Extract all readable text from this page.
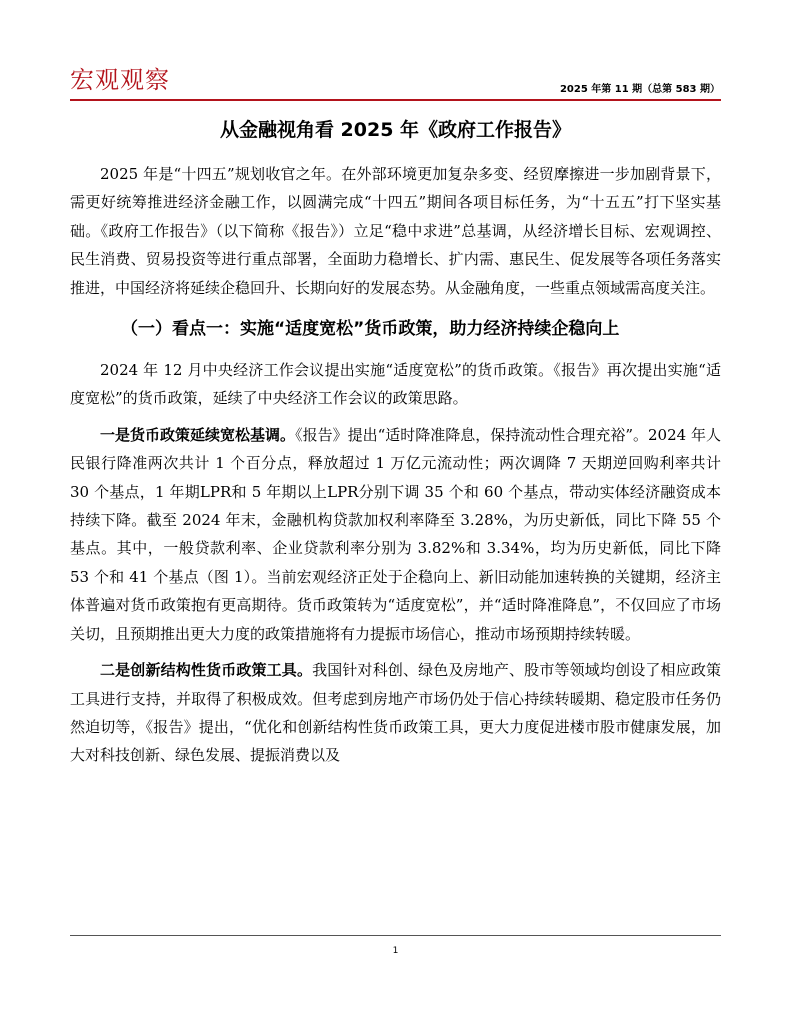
宏观观察	2025 年第 11 期（总第 583 期）
从金融视角看 2025 年《政府工作报告》

2025 年是“十四五”规划收官之年。在外部环境更加复杂多变、经贸摩擦进一步加剧背景下，需更好统筹推进经济金融工作，以圆满完成“十四五”期间各项目标任务，为“十五五”打下坚实基础。《政府工作报告》（以下简称《报告》）立足“稳中求进”总基调，从经济增长目标、宏观调控、民生消费、贸易投资等进行重点部署，全面助力稳增长、扩内需、惠民生、促发展等各项任务落实推进，中国经济将延续企稳回升、长期向好的发展态势。从金融角度，一些重点领域需高度关注。

（一）看点一：实施“适度宽松”货币政策，助力经济持续企稳向上

2024 年 12 月中央经济工作会议提出实施“适度宽松”的货币政策。《报告》再次提出实施“适度宽松”的货币政策，延续了中央经济工作会议的政策思路。

一是货币政策延续宽松基调。《报告》提出“适时降准降息，保持流动性合理充裕”。2024 年人民银行降准两次共计 1 个百分点，释放超过 1 万亿元流动性；两次调降 7 天期逆回购利率共计 30 个基点，1 年期LPR和 5 年期以上LPR分别下调 35 个和 60 个基点，带动实体经济融资成本持续下降。截至 2024 年末，金融机构贷款加权利率降至 3.28%，为历史新低，同比下降 55 个基点。其中，一般贷款利率、企业贷款利率分别为 3.82%和 3.34%，均为历史新低，同比下降 53 个和 41 个基点（图 1）。当前宏观经济正处于企稳向上、新旧动能加速转换的关键期，经济主体普遍对货币政策抱有更高期待。货币政策转为“适度宽松”，并“适时降准降息”，不仅回应了市场关切，且预期推出更大力度的政策措施将有力提振市场信心，推动市场预期持续转暖。

二是创新结构性货币政策工具。我国针对科创、绿色及房地产、股市等领域均创设了相应政策工具进行支持，并取得了积极成效。但考虑到房地产市场仍处于信心持续转暖期、稳定股市任务仍然迫切等，《报告》提出，“优化和创新结构性货币政策工具，更大力度促进楼市股市健康发展，加大对科技创新、绿色发展、提振消费以及

1
